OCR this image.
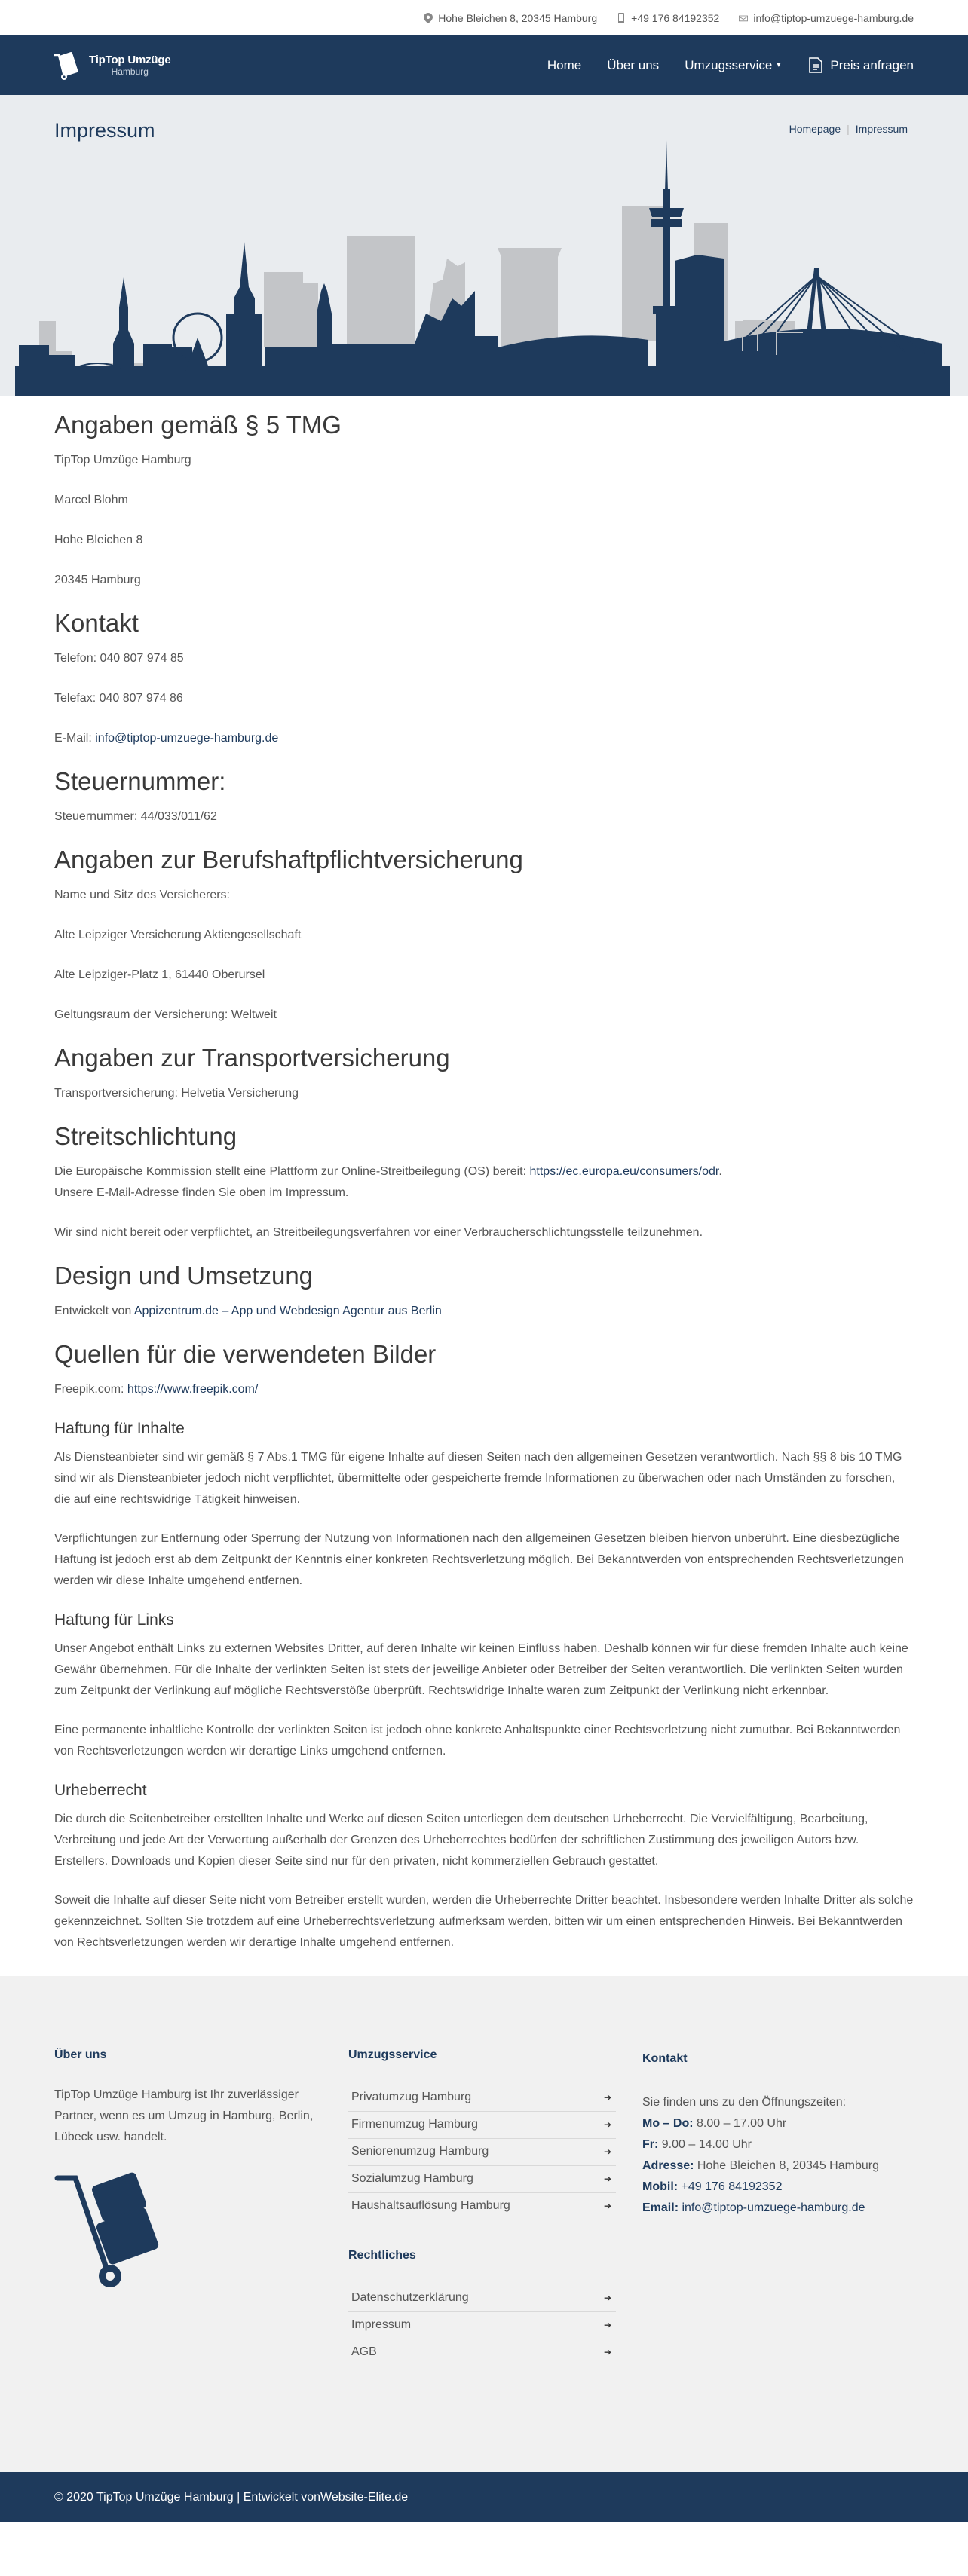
Hohe Bleichen 8, 20345 Hamburg	+49 176 84192352	info@tiptop-umzuege-hamburg.de
TipTop Umzüge
Hamburg	Home Über uns Umzugsservice ▾	Preis anfragen
Impressum	Homepage | Impressum
Angaben gemäß § 5 TMG

TipTop Umzüge Hamburg

Marcel Blohm

Hohe Bleichen 8

20345 Hamburg

Kontakt

Telefon: 040 807 974 85

Telefax: 040 807 974 86

E-Mail: info@tiptop-umzuege-hamburg.de

Steuernummer:

Steuernummer: 44/033/011/62

Angaben zur Berufshaftpflichtversicherung

Name und Sitz des Versicherers:

Alte Leipziger Versicherung Aktiengesellschaft

Alte Leipziger-Platz 1, 61440 Oberursel

Geltungsraum der Versicherung: Weltweit

Angaben zur Transportversicherung

Transportversicherung: Helvetia Versicherung

Streitschlichtung

Die Europäische Kommission stellt eine Plattform zur Online-Streitbeilegung (OS) bereit: https://ec.europa.eu/consumers/odr.

Unsere E-Mail-Adresse finden Sie oben im Impressum.

Wir sind nicht bereit oder verpflichtet, an Streitbeilegungsverfahren vor einer Verbraucherschlichtungsstelle teilzunehmen.

Design und Umsetzung

Entwickelt von Appizentrum.de – App und Webdesign Agentur aus Berlin

Quellen für die verwendeten Bilder

Freepik.com: https://www.freepik.com/

Haftung für Inhalte

Als Diensteanbieter sind wir gemäß § 7 Abs.1 TMG für eigene Inhalte auf diesen Seiten nach den allgemeinen Gesetzen verantwortlich. Nach §§ 8 bis 10 TMG sind wir als Diensteanbieter jedoch nicht verpflichtet, übermittelte oder gespeicherte fremde Informationen zu überwachen oder nach Umständen zu forschen, die auf eine rechtswidrige Tätigkeit hinweisen.

Verpflichtungen zur Entfernung oder Sperrung der Nutzung von Informationen nach den allgemeinen Gesetzen bleiben hiervon unberührt. Eine diesbezügliche Haftung ist jedoch erst ab dem Zeitpunkt der Kenntnis einer konkreten Rechtsverletzung möglich. Bei Bekanntwerden von entsprechenden Rechtsverletzungen werden wir diese Inhalte umgehend entfernen.

Haftung für Links

Unser Angebot enthält Links zu externen Websites Dritter, auf deren Inhalte wir keinen Einfluss haben. Deshalb können wir für diese fremden Inhalte auch keine Gewähr übernehmen. Für die Inhalte der verlinkten Seiten ist stets der jeweilige Anbieter oder Betreiber der Seiten verantwortlich. Die verlinkten Seiten wurden zum Zeitpunkt der Verlinkung auf mögliche Rechtsverstöße überprüft. Rechtswidrige Inhalte waren zum Zeitpunkt der Verlinkung nicht erkennbar.

Eine permanente inhaltliche Kontrolle der verlinkten Seiten ist jedoch ohne konkrete Anhaltspunkte einer Rechtsverletzung nicht zumutbar. Bei Bekanntwerden von Rechtsverletzungen werden wir derartige Links umgehend entfernen.

Urheberrecht

Die durch die Seitenbetreiber erstellten Inhalte und Werke auf diesen Seiten unterliegen dem deutschen Urheberrecht. Die Vervielfältigung, Bearbeitung, Verbreitung und jede Art der Verwertung außerhalb der Grenzen des Urheberrechtes bedürfen der schriftlichen Zustimmung des jeweiligen Autors bzw. Erstellers. Downloads und Kopien dieser Seite sind nur für den privaten, nicht kommerziellen Gebrauch gestattet.

Soweit die Inhalte auf dieser Seite nicht vom Betreiber erstellt wurden, werden die Urheberrechte Dritter beachtet. Insbesondere werden Inhalte Dritter als solche gekennzeichnet. Sollten Sie trotzdem auf eine Urheberrechtsverletzung aufmerksam werden, bitten wir um einen entsprechenden Hinweis. Bei Bekanntwerden von Rechtsverletzungen werden wir derartige Inhalte umgehend entfernen.

Über uns

TipTop Umzüge Hamburg ist Ihr zuverlässiger Partner, wenn es um Umzug in Hamburg, Berlin, Lübeck usw. handelt.

Umzugsservice
Privatumzug Hamburg	➔
Firmenumzug Hamburg	➔
Seniorenumzug Hamburg	➔
Sozialumzug Hamburg	➔
Haushaltsauflösung Hamburg	➔
Rechtliches
Datenschutzerklärung	➔
Impressum	➔
AGB	➔
Kontakt
Sie finden uns zu den Öffnungszeiten:
Mo – Do: 8.00 – 17.00 Uhr
Fr: 9.00 – 14.00 Uhr
Adresse: Hohe Bleichen 8, 20345 Hamburg
Mobil: +49 176 84192352
Email: info@tiptop-umzuege-hamburg.de
© 2020 TipTop Umzüge Hamburg | Entwickelt von Website-Elite.de
